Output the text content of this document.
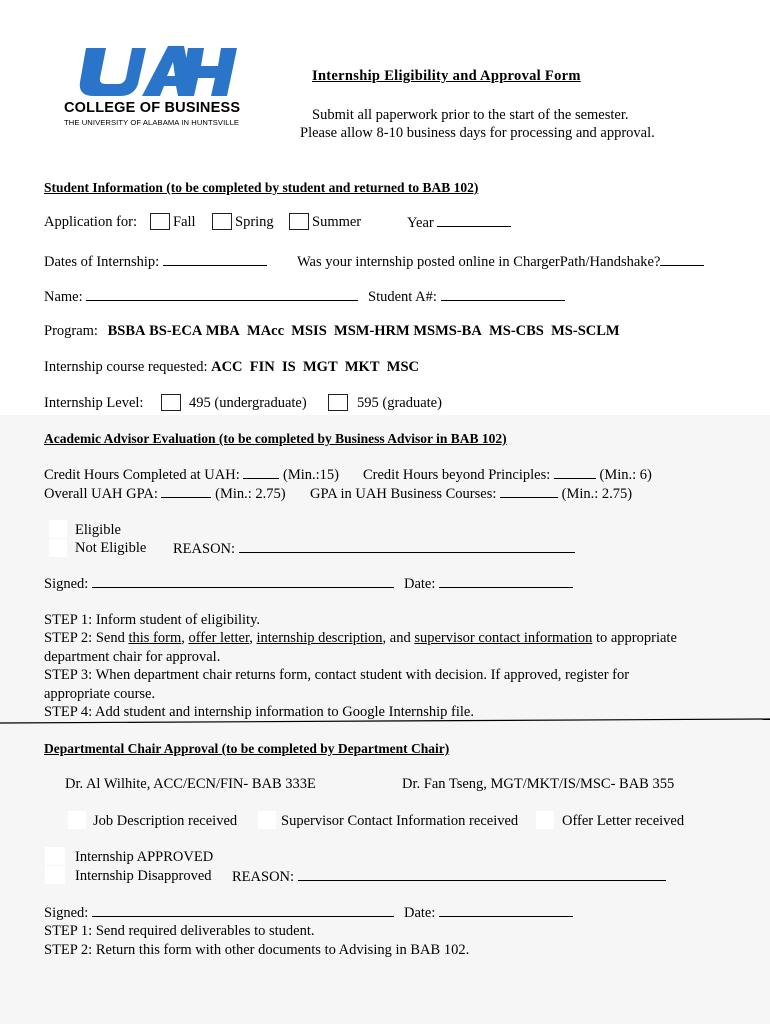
COLLEGE OF BUSINESS
THE UNIVERSITY OF ALABAMA IN HUNTSVILLE
Internship Eligibility and Approval Form
Submit all paperwork prior to the start of the semester.
Please allow 8-10 business days for processing and approval.
Student Information (to be completed by student and returned to BAB 102)
Application for: Fall	Spring	Summer	Year
Dates of Internship:	Was your internship posted online in ChargerPath/Handshake?
Name:	Student A#:
Program: BSBA BS-ECA MBA MAcc MSIS MSM-HRM MSMS-BA MS-CBS MS-SCLM
Internship course requested: ACC FIN IS MGT MKT MSC
Internship Level:	495 (undergraduate)	595 (graduate)
Academic Advisor Evaluation (to be completed by Business Advisor in BAB 102)
Credit Hours Completed at UAH:	(Min.:15) Credit Hours beyond Principles:	(Min.: 6)
Overall UAH GPA:	(Min.: 2.75) GPA in UAH Business Courses:	(Min.: 2.75)
Eligible
Not Eligible REASON:
Signed:	Date:
STEP 1: Inform student of eligibility.
STEP 2: Send this form, offer letter, internship description, and supervisor contact information to appropriate
department chair for approval.
STEP 3: When department chair returns form, contact student with decision. If approved, register for
appropriate course.
STEP 4: Add student and internship information to Google Internship file.
Departmental Chair Approval (to be completed by Department Chair)
Dr. Al Wilhite, ACC/ECN/FIN- BAB 333E	Dr. Fan Tseng, MGT/MKT/IS/MSC- BAB 355
Job Description received	Supervisor Contact Information received	Offer Letter received
Internship APPROVED
Internship Disapproved REASON:
Signed:	Date:
STEP 1: Send required deliverables to student.
STEP 2: Return this form with other documents to Advising in BAB 102.
